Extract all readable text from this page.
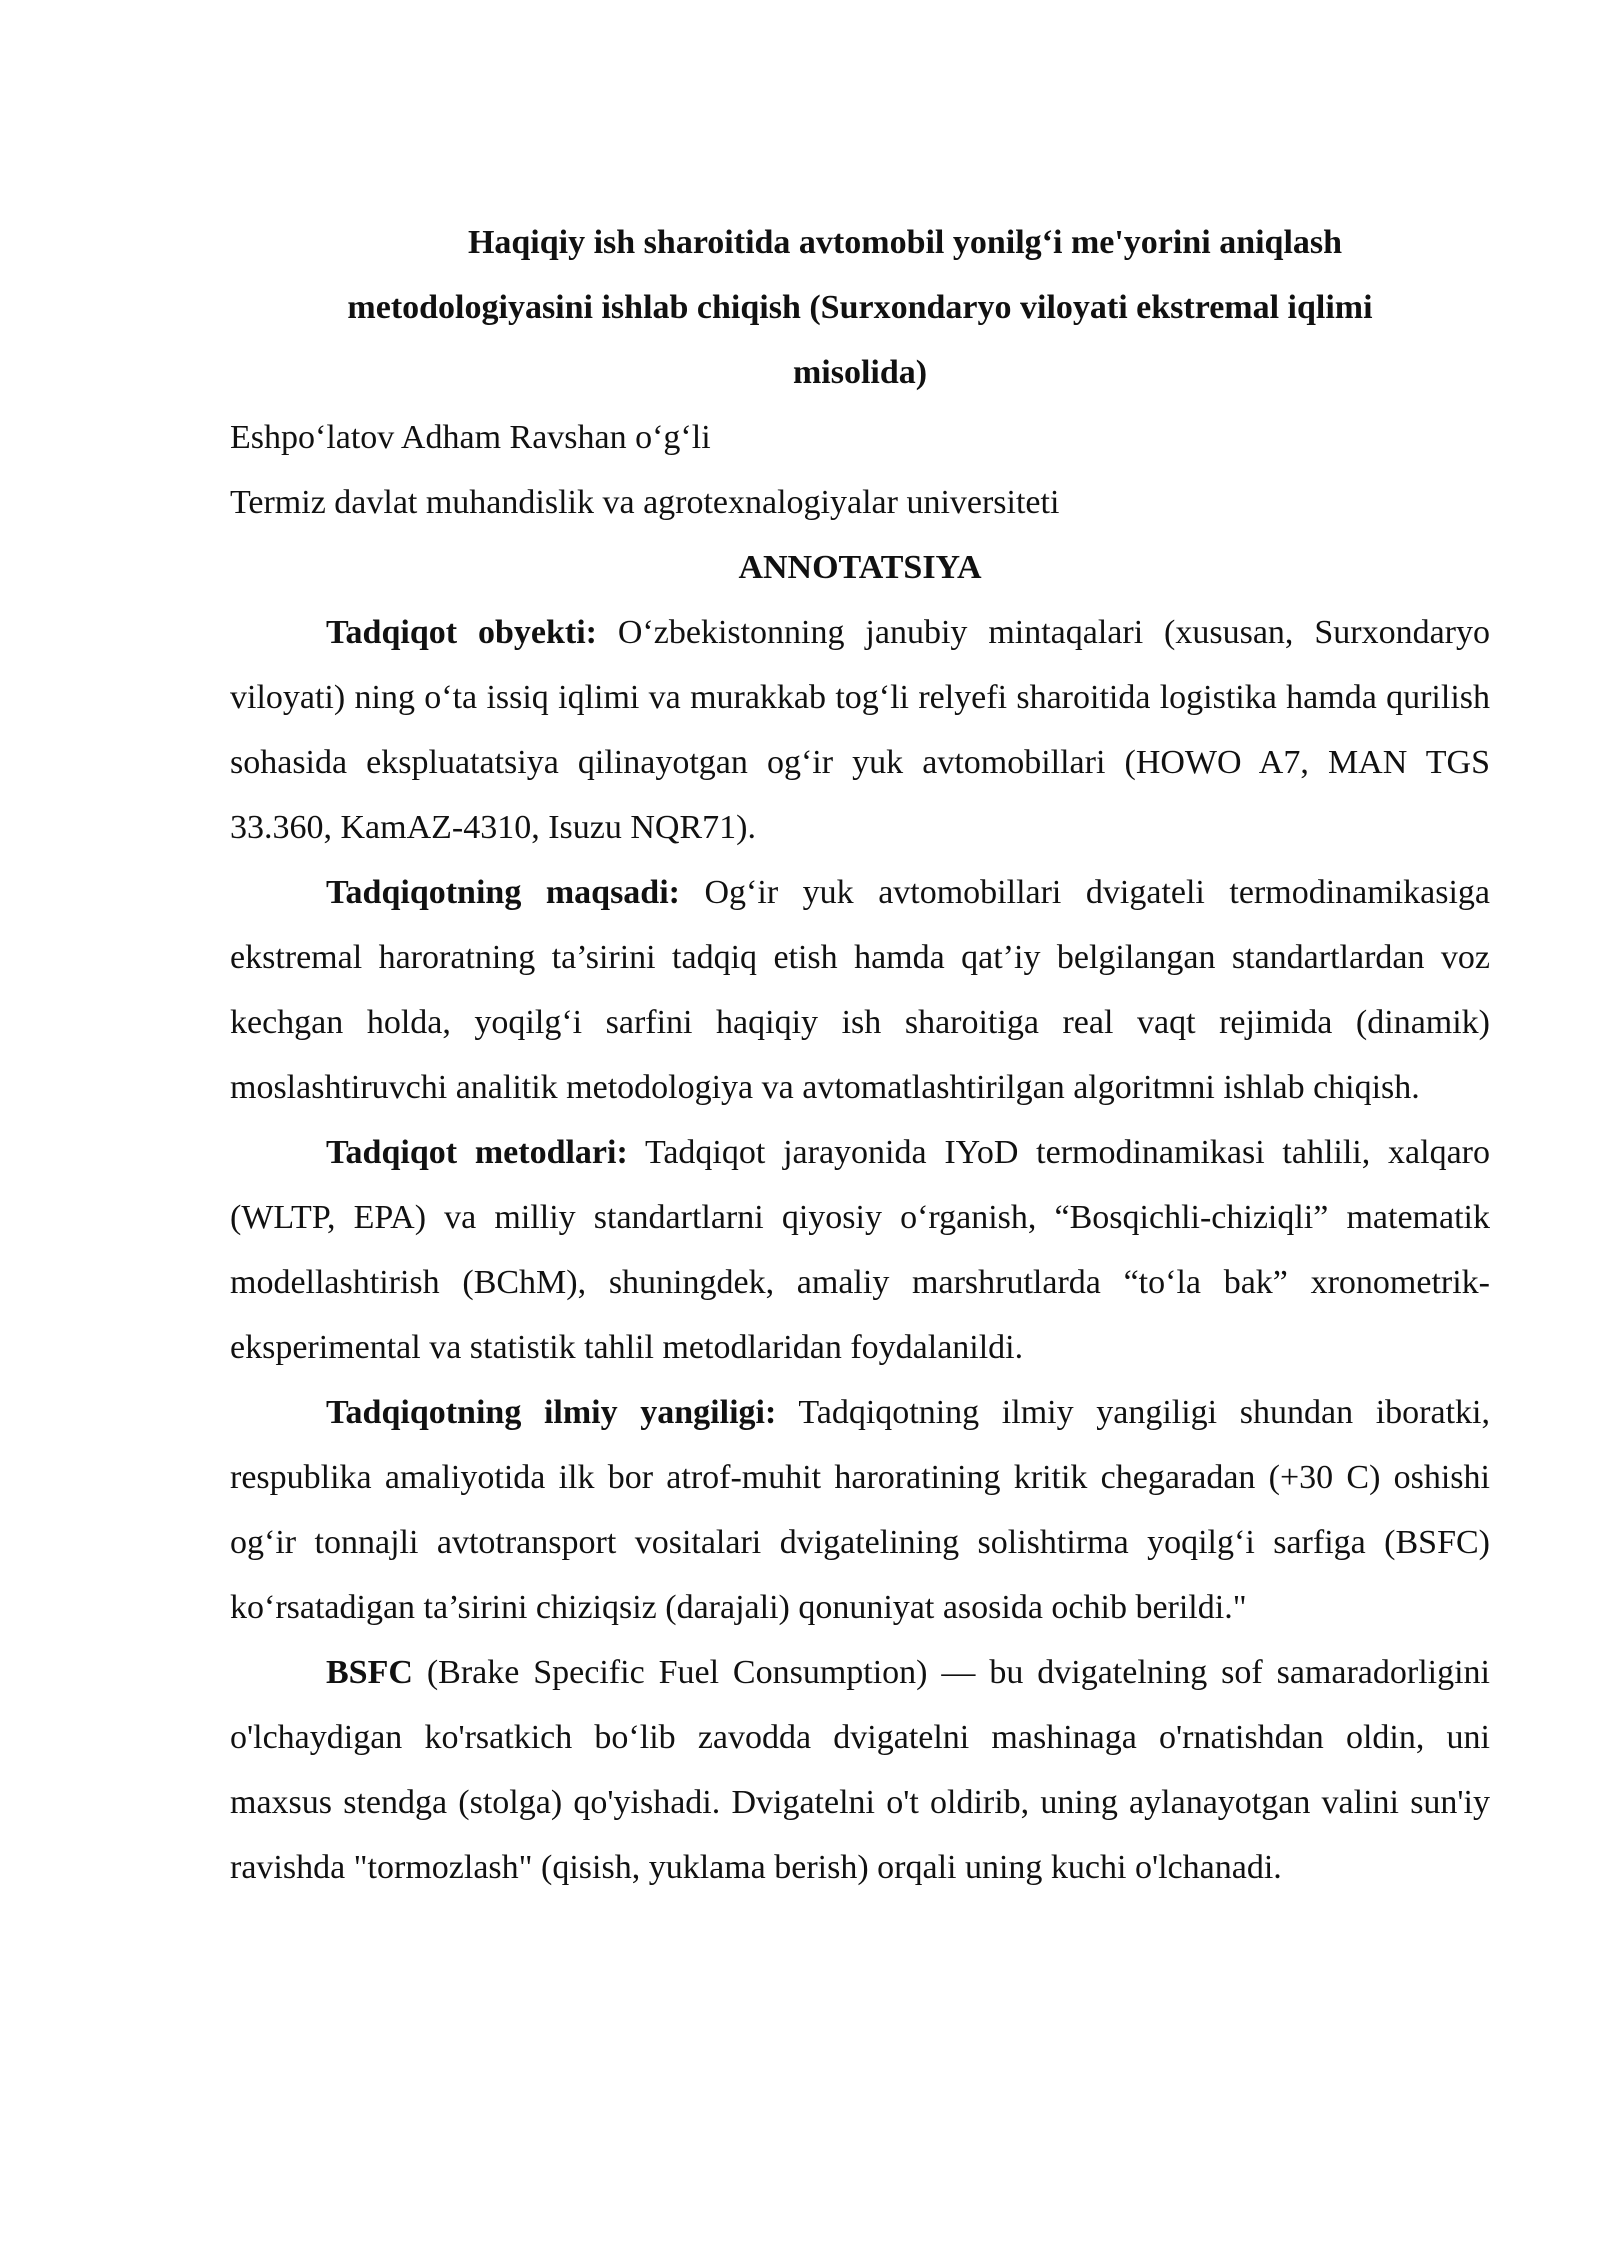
Haqiqiy ish sharoitida avtomobil yonilg‘i me'yorini aniqlash
metodologiyasini ishlab chiqish (Surxondaryo viloyati ekstremal iqlimi
misolida)

Eshpo‘latov Adham Ravshan o‘g‘li

Termiz davlat muhandislik va agrotexnalogiyalar universiteti

ANNOTATSIYA

Tadqiqot obyekti: O‘zbekistonning janubiy mintaqalari (xususan, Surxondaryo viloyati) ning o‘ta issiq iqlimi va murakkab tog‘li relyefi sharoitida logistika hamda qurilish sohasida ekspluatatsiya qilinayotgan og‘ir yuk avtomobillari (HOWO A7, MAN TGS 33.360, KamAZ-4310, Isuzu NQR71).

Tadqiqotning maqsadi: Og‘ir yuk avtomobillari dvigateli termodinamikasiga ekstremal haroratning ta’sirini tadqiq etish hamda qat’iy belgilangan standartlardan voz kechgan holda, yoqilg‘i sarfini haqiqiy ish sharoitiga real vaqt rejimida (dinamik) moslashtiruvchi analitik metodologiya va avtomatlashtirilgan algoritmni ishlab chiqish.

Tadqiqot metodlari: Tadqiqot jarayonida IYoD termodinamikasi tahlili, xalqaro (WLTP, EPA) va milliy standartlarni qiyosiy o‘rganish, “Bosqichli-chiziqli” matematik modellashtirish (BChM), shuningdek, amaliy marshrutlarda “to‘la bak” xronometrik-eksperimental va statistik tahlil metodlaridan foydalanildi.

Tadqiqotning ilmiy yangiligi: Tadqiqotning ilmiy yangiligi shundan iboratki, respublika amaliyotida ilk bor atrof-muhit haroratining kritik chegaradan (+30 C) oshishi og‘ir tonnajli avtotransport vositalari dvigatelining solishtirma yoqilg‘i sarfiga (BSFC) ko‘rsatadigan ta’sirini chiziqsiz (darajali) qonuniyat asosida ochib berildi."

BSFC (Brake Specific Fuel Consumption) — bu dvigatelning sof samaradorligini o'lchaydigan ko'rsatkich bo‘lib zavodda dvigatelni mashinaga o'rnatishdan oldin, uni maxsus stendga (stolga) qo'yishadi. Dvigatelni o't oldirib, uning aylanayotgan valini sun'iy ravishda "tormozlash" (qisish, yuklama berish) orqali uning kuchi o'lchanadi.
